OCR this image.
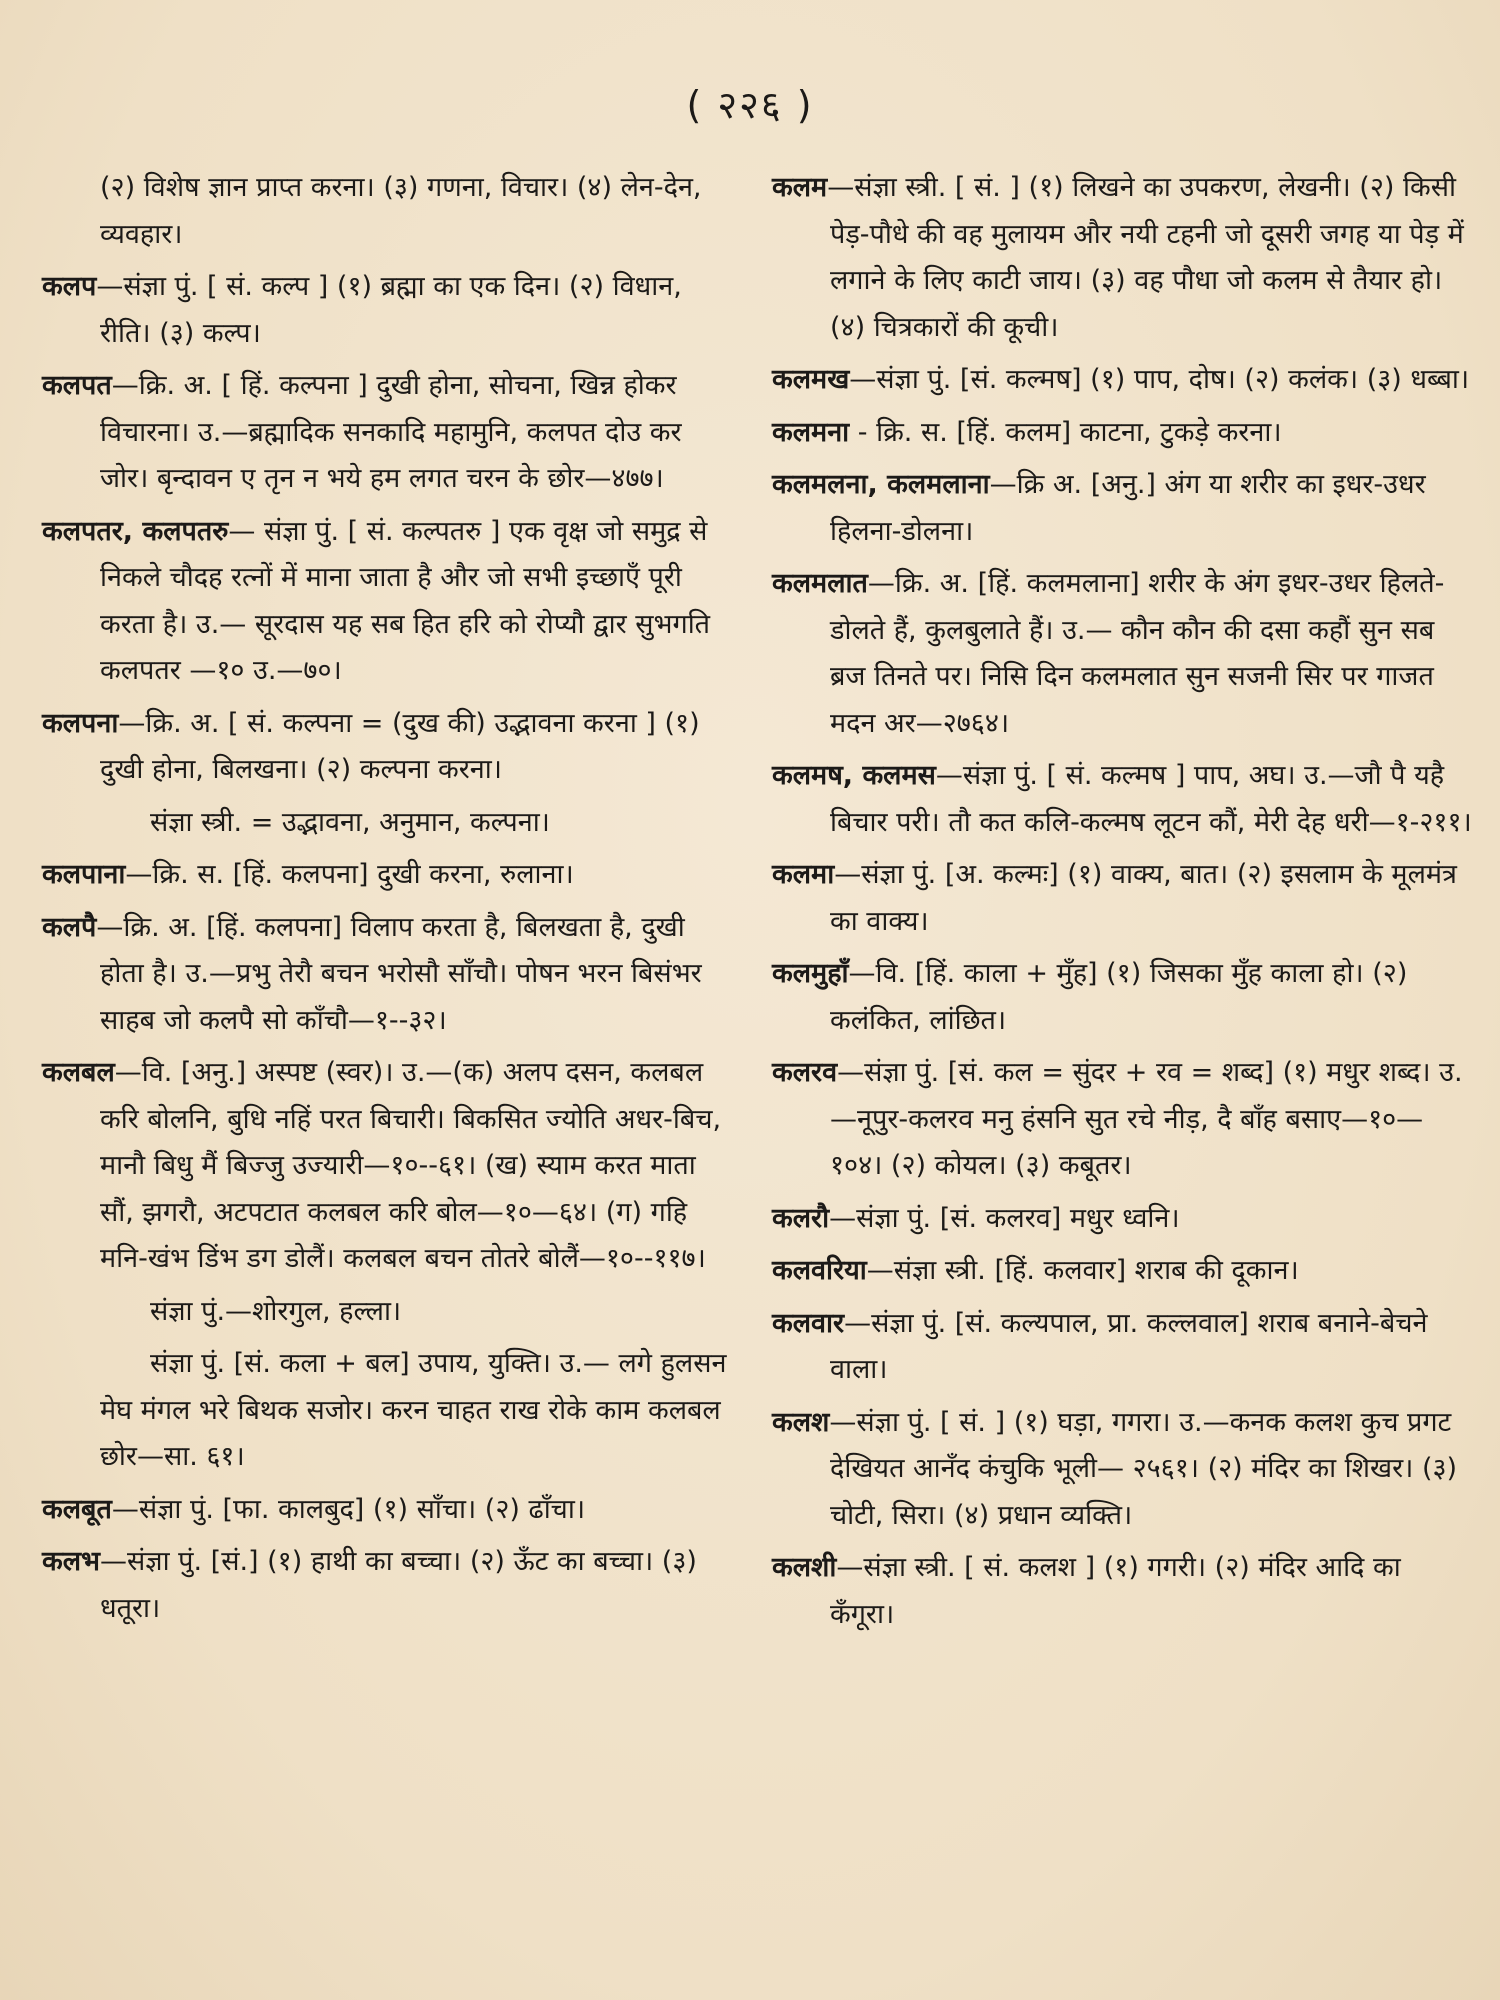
( २२६ )

(२) विशेष ज्ञान प्राप्त करना। (३) गणना, विचार। (४) लेन-देन, व्यवहार।

कलप—संज्ञा पुं. [ सं. कल्प ] (१) ब्रह्मा का एक दिन। (२) विधान, रीति। (३) कल्प।

कलपत—क्रि. अ. [ हिं. कल्पना ] दुखी होना, सोचना, खिन्न होकर विचारना। उ.—ब्रह्मादिक सनकादि महामुनि, कलपत दोउ कर जोर। बृन्दावन ए तृन न भये हम लगत चरन के छोर—४७७।

कलपतर, कलपतरु— संज्ञा पुं. [ सं. कल्पतरु ] एक वृक्ष जो समुद्र से निकले चौदह रत्नों में माना जाता है और जो सभी इच्छाएँ पूरी करता है। उ.— सूरदास यह सब हित हरि को रोप्यौ द्वार सुभगति कलपतर —१० उ.—७०।

कलपना—क्रि. अ. [ सं. कल्पना = (दुख की) उद्भावना करना ] (१) दुखी होना, बिलखना। (२) कल्पना करना।

संज्ञा स्त्री. = उद्भावना, अनुमान, कल्पना।

कलपाना—क्रि. स. [हिं. कलपना] दुखी करना, रुलाना।

कलपै—क्रि. अ. [हिं. कलपना] विलाप करता है, बिलखता है, दुखी होता है। उ.—प्रभु तेरौ बचन भरोसौ साँचौ। पोषन भरन बिसंभर साहब जो कलपै सो काँचौ—१--३२।

कलबल—वि. [अनु.] अस्पष्ट (स्वर)। उ.—(क) अलप दसन, कलबल करि बोलनि, बुधि नहिं परत बिचारी। बिकसित ज्योति अधर-बिच, मानौ बिधु मैं बिज्जु उज्यारी—१०--६१। (ख) स्याम करत माता सौं, झगरौ, अटपटात कलबल करि बोल—१०—६४। (ग) गहि मनि-खंभ डिंभ डग डोलैं। कलबल बचन तोतरे बोलैं—१०--११७।

संज्ञा पुं.—शोरगुल, हल्ला।

संज्ञा पुं. [सं. कला + बल] उपाय, युक्ति। उ.— लगे हुलसन मेघ मंगल भरे बिथक सजोर। करन चाहत राख रोके काम कलबल छोर—सा. ६१।

कलबूत—संज्ञा पुं. [फा. कालबुद] (१) साँचा। (२) ढाँचा।

कलभ—संज्ञा पुं. [सं.] (१) हाथी का बच्चा। (२) ऊँट का बच्चा। (३) धतूरा।

कलम—संज्ञा स्त्री. [ सं. ] (१) लिखने का उपकरण, लेखनी। (२) किसी पेड़-पौधे की वह मुलायम और नयी टहनी जो दूसरी जगह या पेड़ में लगाने के लिए काटी जाय। (३) वह पौधा जो कलम से तैयार हो। (४) चित्रकारों की कूची।

कलमख—संज्ञा पुं. [सं. कल्मष] (१) पाप, दोष। (२) कलंक। (३) धब्बा।

कलमना - क्रि. स. [हिं. कलम] काटना, टुकड़े करना।

कलमलना, कलमलाना—क्रि अ. [अनु.] अंग या शरीर का इधर-उधर हिलना-डोलना।

कलमलात—क्रि. अ. [हिं. कलमलाना] शरीर के अंग इधर-उधर हिलते-डोलते हैं, कुलबुलाते हैं। उ.— कौन कौन की दसा कहौं सुन सब ब्रज तिनते पर। निसि दिन कलमलात सुन सजनी सिर पर गाजत मदन अर—२७६४।

कलमष, कलमस—संज्ञा पुं. [ सं. कल्मष ] पाप, अघ। उ.—जौ पै यहै बिचार परी। तौ कत कलि-कल्मष लूटन कौं, मेरी देह धरी—१-२११।

कलमा—संज्ञा पुं. [अ. कल्मः] (१) वाक्य, बात। (२) इसलाम के मूलमंत्र का वाक्य।

कलमुहाँ—वि. [हिं. काला + मुँह] (१) जिसका मुँह काला हो। (२) कलंकित, लांछित।

कलरव—संज्ञा पुं. [सं. कल = सुंदर + रव = शब्द] (१) मधुर शब्द। उ.—नूपुर-कलरव मनु हंसनि सुत रचे नीड़, दै बाँह बसाए—१०—१०४। (२) कोयल। (३) कबूतर।

कलरौ—संज्ञा पुं. [सं. कलरव] मधुर ध्वनि।

कलवरिया—संज्ञा स्त्री. [हिं. कलवार] शराब की दूकान।

कलवार—संज्ञा पुं. [सं. कल्यपाल, प्रा. कल्लवाल] शराब बनाने-बेचने वाला।

कलश—संज्ञा पुं. [ सं. ] (१) घड़ा, गगरा। उ.—कनक कलश कुच प्रगट देखियत आनँद कंचुकि भूली— २५६१। (२) मंदिर का शिखर। (३) चोटी, सिरा। (४) प्रधान व्यक्ति।

कलशी—संज्ञा स्त्री. [ सं. कलश ] (१) गगरी। (२) मंदिर आदि का कँगूरा।
